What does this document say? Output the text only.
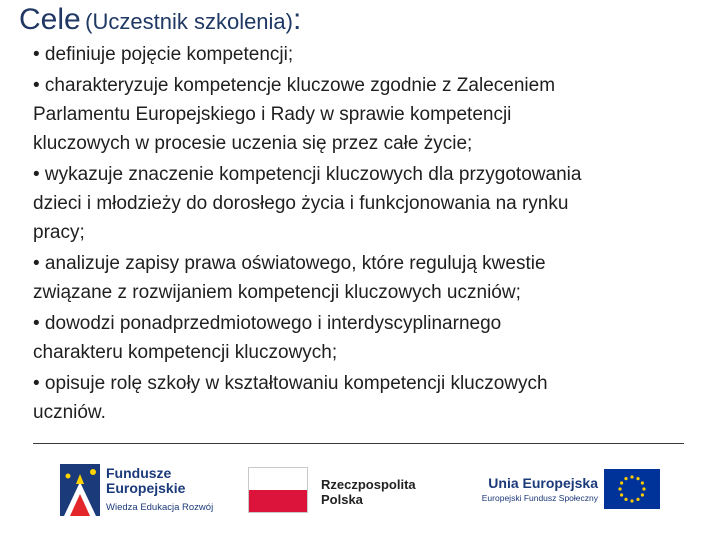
Cele (Uczestnik szkolenia):
• definiuje pojęcie kompetencji;
• charakteryzuje kompetencje kluczowe zgodnie z Zaleceniem
Parlamentu Europejskiego i Rady w sprawie kompetencji
kluczowych w procesie uczenia się przez całe życie;
• wykazuje znaczenie kompetencji kluczowych dla przygotowania
dzieci i młodzieży do dorosłego życia i funkcjonowania na rynku
pracy;
• analizuje zapisy prawa oświatowego, które regulują kwestie
związane z rozwijaniem kompetencji kluczowych uczniów;
• dowodzi ponadprzedmiotowego i interdyscyplinarnego
charakteru kompetencji kluczowych;
• opisuje rolę szkoły w kształtowaniu kompetencji kluczowych
uczniów.
Fundusze
Europejskie
Wiedza Edukacja Rozwój
Rzeczpospolita
Polska
Unia Europejska
Europejski Fundusz Społeczny
